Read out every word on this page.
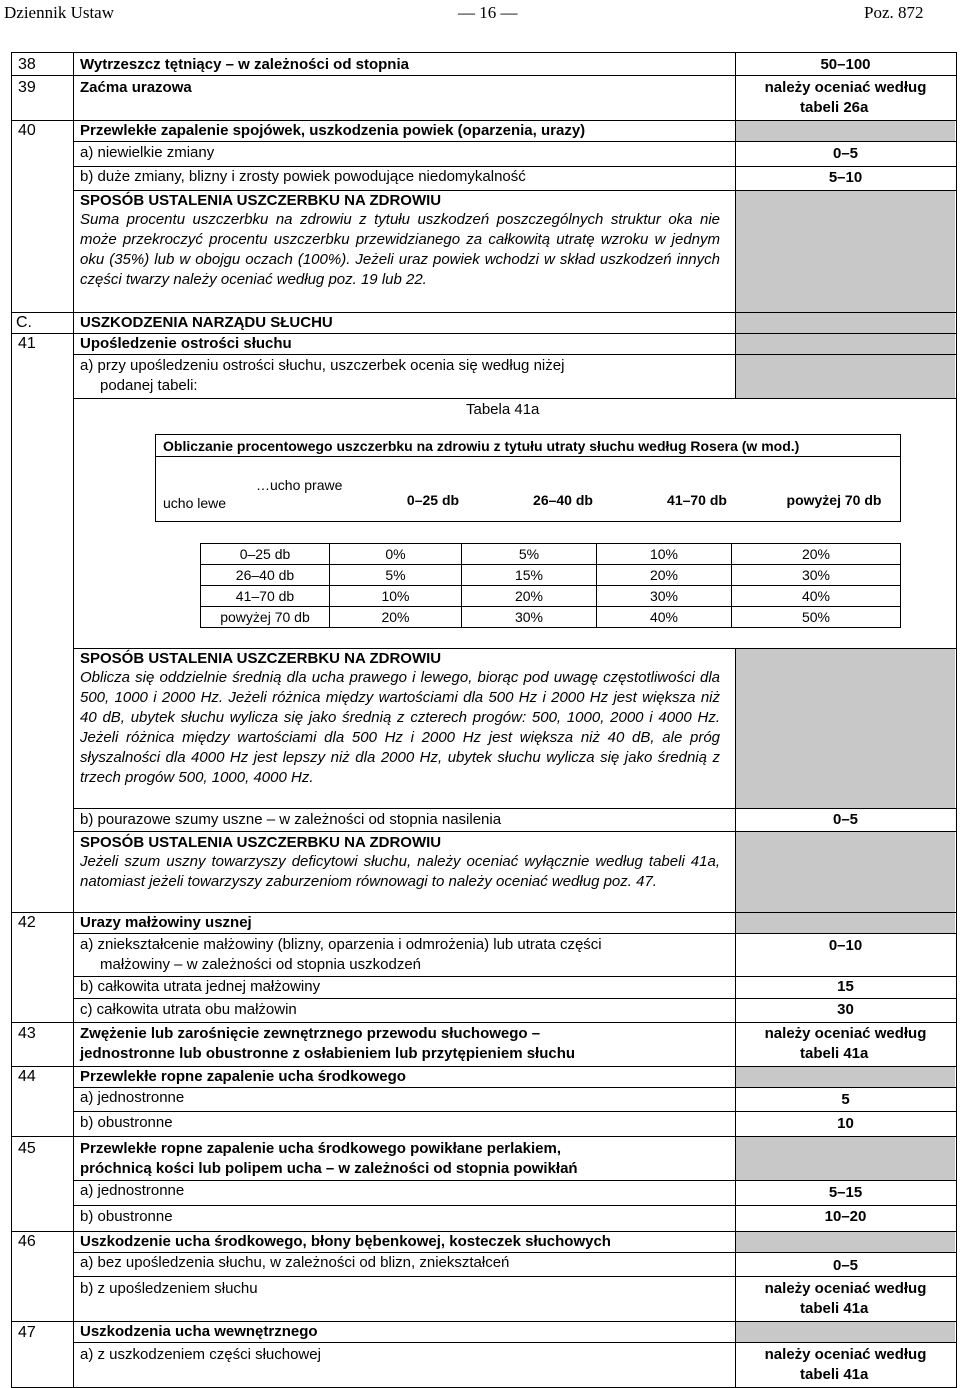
Dziennik Ustaw	— 16 —	Poz. 872
38	Wytrzeszcz tętniący – w zależności od stopnia	50–100
39	Zaćma urazowa	należy oceniać według
tabeli 26a
40	Przewlekłe zapalenie spojówek, uszkodzenia powiek (oparzenia, urazy)
a) niewielkie zmiany	0–5
b) duże zmiany, blizny i zrosty powiek powodujące niedomykalność	5–10
SPOSÓB USTALENIA USZCZERBKU NA ZDROWIU
Suma procentu uszczerbku na zdrowiu z tytułu uszkodzeń poszczególnych struktur oka nie może przekroczyć procentu uszczerbku przewidzianego za całkowitą utratę wzroku w jednym oku (35%) lub w obojgu oczach (100%). Jeżeli uraz powiek wchodzi w skład uszkodzeń innych części twarzy należy oceniać według poz. 19 lub 22.
C.	USZKODZENIA NARZĄDU SŁUCHU
41	Upośledzenie ostrości słuchu
a) przy upośledzeniu ostrości słuchu, uszczerbek ocenia się według niżej
podanej tabeli:
Tabela 41a
Obliczanie procentowego uszczerbku na zdrowiu z tytułu utraty słuchu według Rosera (w mod.)
…ucho prawe
ucho lewe	0–25 db	26–40 db	41–70 db	powyżej 70 db
0–25 db	0%	5%	10%	20%
26–40 db	5%	15%	20%	30%
41–70 db	10%	20%	30%	40%
powyżej 70 db	20%	30%	40%	50%
SPOSÓB USTALENIA USZCZERBKU NA ZDROWIU
Oblicza się oddzielnie średnią dla ucha prawego i lewego, biorąc pod uwagę częstotliwości dla 500, 1000 i 2000 Hz. Jeżeli różnica między wartościami dla 500 Hz i 2000 Hz jest większa niż 40 dB, ubytek słuchu wylicza się jako średnią z czterech progów: 500, 1000, 2000 i 4000 Hz. Jeżeli różnica między wartościami dla 500 Hz i 2000 Hz jest większa niż 40 dB, ale próg słyszalności dla 4000 Hz jest lepszy niż dla 2000 Hz, ubytek słuchu wylicza się jako średnią z trzech progów 500, 1000, 4000 Hz.
b) pourazowe szumy uszne – w zależności od stopnia nasilenia	0–5
SPOSÓB USTALENIA USZCZERBKU NA ZDROWIU
Jeżeli szum uszny towarzyszy deficytowi słuchu, należy oceniać wyłącznie według tabeli 41a, natomiast jeżeli towarzyszy zaburzeniom równowagi to należy oceniać według poz. 47.
42	Urazy małżowiny usznej
a) zniekształcenie małżowiny (blizny, oparzenia i odmrożenia) lub utrata części
małżowiny – w zależności od stopnia uszkodzeń
0–10
b) całkowita utrata jednej małżowiny	15
c) całkowita utrata obu małżowin	30
43	Zwężenie lub zarośnięcie zewnętrznego przewodu słuchowego –
jednostronne lub obustronne z osłabieniem lub przytępieniem słuchu
należy oceniać według
tabeli 41a
44	Przewlekłe ropne zapalenie ucha środkowego
a) jednostronne	5
b) obustronne	10
45	Przewlekłe ropne zapalenie ucha środkowego powikłane perlakiem,
próchnicą kości lub polipem ucha – w zależności od stopnia powikłań
a) jednostronne	5–15
b) obustronne	10–20
46	Uszkodzenie ucha środkowego, błony bębenkowej, kosteczek słuchowych
a) bez upośledzenia słuchu, w zależności od blizn, zniekształceń	0–5
b) z upośledzeniem słuchu	należy oceniać według
tabeli 41a
47	Uszkodzenia ucha wewnętrznego
a) z uszkodzeniem części słuchowej	należy oceniać według
tabeli 41a
